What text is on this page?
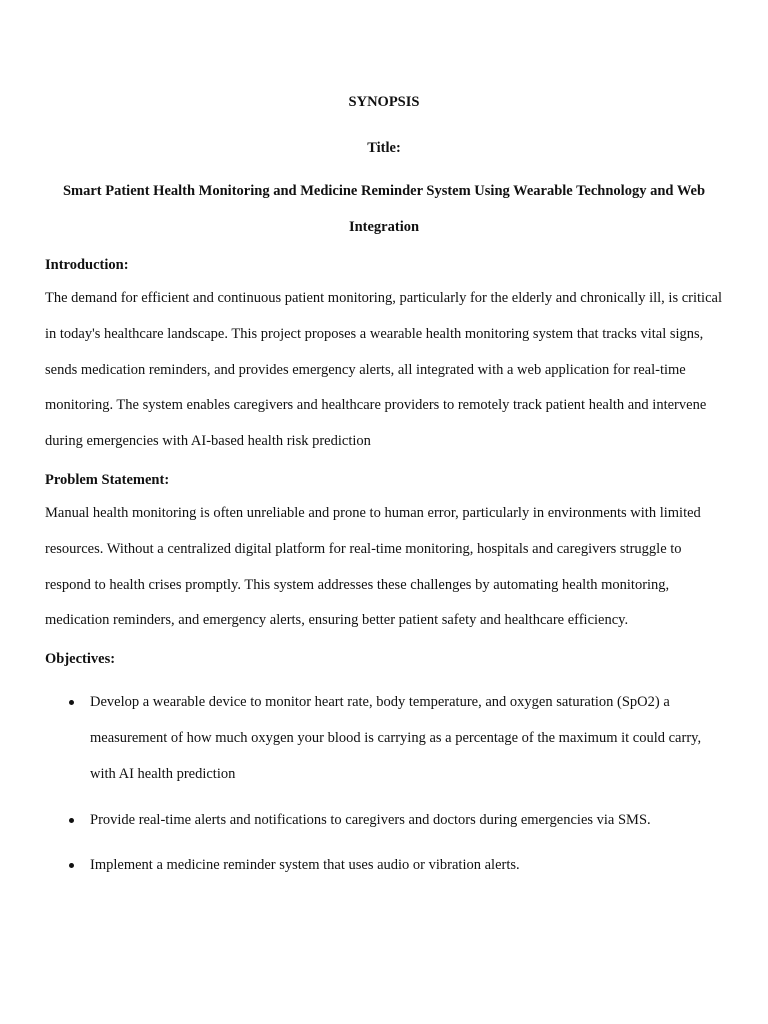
SYNOPSIS

Title:

Smart Patient Health Monitoring and Medicine Reminder System Using Wearable Technology and Web Integration

Introduction:

The demand for efficient and continuous patient monitoring, particularly for the elderly and chronically ill, is critical in today's healthcare landscape. This project proposes a wearable health monitoring system that tracks vital signs, sends medication reminders, and provides emergency alerts, all integrated with a web application for real-time monitoring. The system enables caregivers and healthcare providers to remotely track patient health and intervene during emergencies with AI-based health risk prediction

Problem Statement:

Manual health monitoring is often unreliable and prone to human error, particularly in environments with limited resources. Without a centralized digital platform for real-time monitoring, hospitals and caregivers struggle to respond to health crises promptly. This system addresses these challenges by automating health monitoring, medication reminders, and emergency alerts, ensuring better patient safety and healthcare efficiency.

Objectives:

Develop a wearable device to monitor heart rate, body temperature, and oxygen saturation (SpO2) a measurement of how much oxygen your blood is carrying as a percentage of the maximum it could carry, with AI health prediction
Provide real-time alerts and notifications to caregivers and doctors during emergencies via SMS.
Implement a medicine reminder system that uses audio or vibration alerts.
